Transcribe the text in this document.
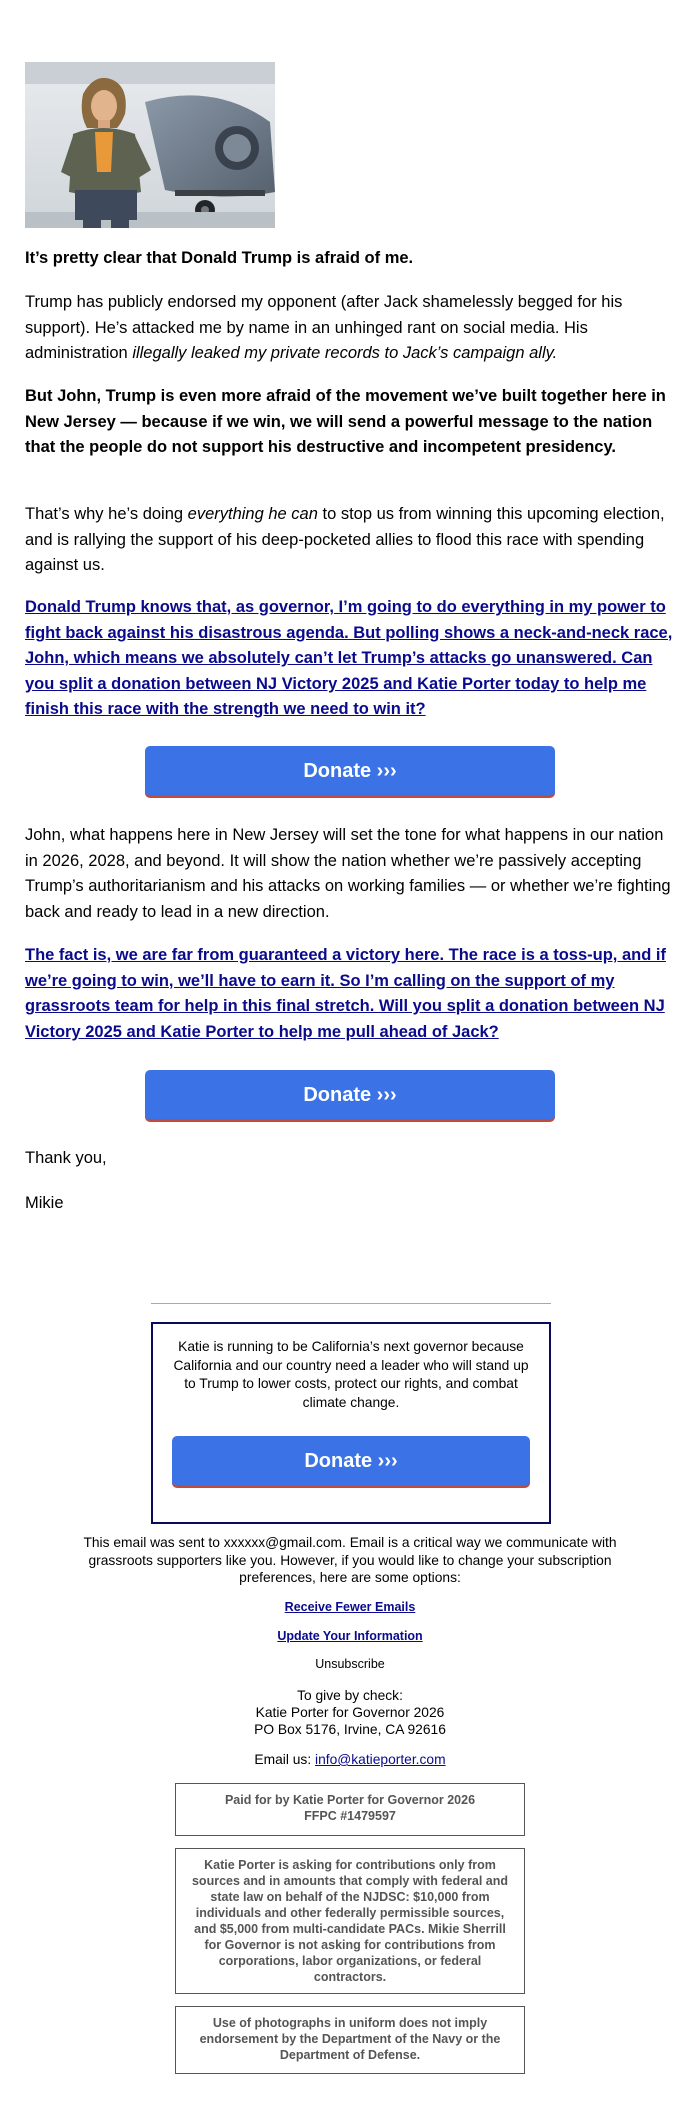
It’s pretty clear that Donald Trump is afraid of me.

Trump has publicly endorsed my opponent (after Jack shamelessly begged for his support). He’s attacked me by name in an unhinged rant on social media. His administration illegally leaked my private records to Jack’s campaign ally.

But John, Trump is even more afraid of the movement we’ve built together here in New Jersey — because if we win, we will send a powerful message to the nation that the people do not support his destructive and incompetent presidency.

That’s why he’s doing everything he can to stop us from winning this upcoming election, and is rallying the support of his deep-pocketed allies to flood this race with spending against us.

Donald Trump knows that, as governor, I’m going to do everything in my power to fight back against his disastrous agenda. But polling shows a neck-and-neck race, John, which means we absolutely can’t let Trump’s attacks go unanswered. Can you split a donation between NJ Victory 2025 and Katie Porter today to help me finish this race with the strength we need to win it?

Donate ›››

John, what happens here in New Jersey will set the tone for what happens in our nation in 2026, 2028, and beyond. It will show the nation whether we’re passively accepting Trump’s authoritarianism and his attacks on working families — or whether we’re fighting back and ready to lead in a new direction.

The fact is, we are far from guaranteed a victory here. The race is a toss-up, and if we’re going to win, we’ll have to earn it. So I’m calling on the support of my grassroots team for help in this final stretch. Will you split a donation between NJ Victory 2025 and Katie Porter to help me pull ahead of Jack?

Donate ›››

Thank you,

Mikie

Katie is running to be California’s next governor because California and our country need a leader who will stand up to Trump to lower costs, protect our rights, and combat climate change.
Donate ›››
This email was sent to xxxxxx@gmail.com. Email is a critical way we communicate with grassroots supporters like you. However, if you would like to change your subscription preferences, here are some options:
Receive Fewer Emails
Update Your Information
Unsubscribe
To give by check:
Katie Porter for Governor 2026
PO Box 5176, Irvine, CA 92616
Email us: info@katieporter.com
Paid for by Katie Porter for Governor 2026
FFPC #1479597
Katie Porter is asking for contributions only from sources and in amounts that comply with federal and state law on behalf of the NJDSC: $10,000 from individuals and other federally permissible sources, and $5,000 from multi-candidate PACs. Mikie Sherrill for Governor is not asking for contributions from corporations, labor organizations, or federal contractors.
Use of photographs in uniform does not imply endorsement by the Department of the Navy or the Department of Defense.
